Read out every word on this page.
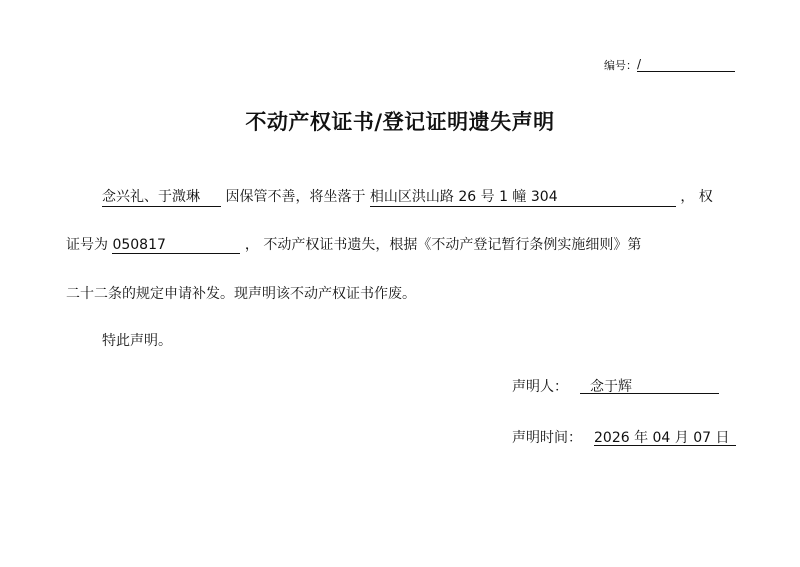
编号： /
不动产权证书/登记证明遗失声明
念兴礼、于溦琳 因保管不善，将坐落于 相山区洪山路 26 号 1 幢 304	， 权
证号为 050817	， 不动产权证书遗失，根据《不动产登记暂行条例实施细则》第
二十二条的规定申请补发。现声明该不动产权证书作废。
特此声明。
声明人：	念于辉
声明时间： 2026 年 04 月 07 日
